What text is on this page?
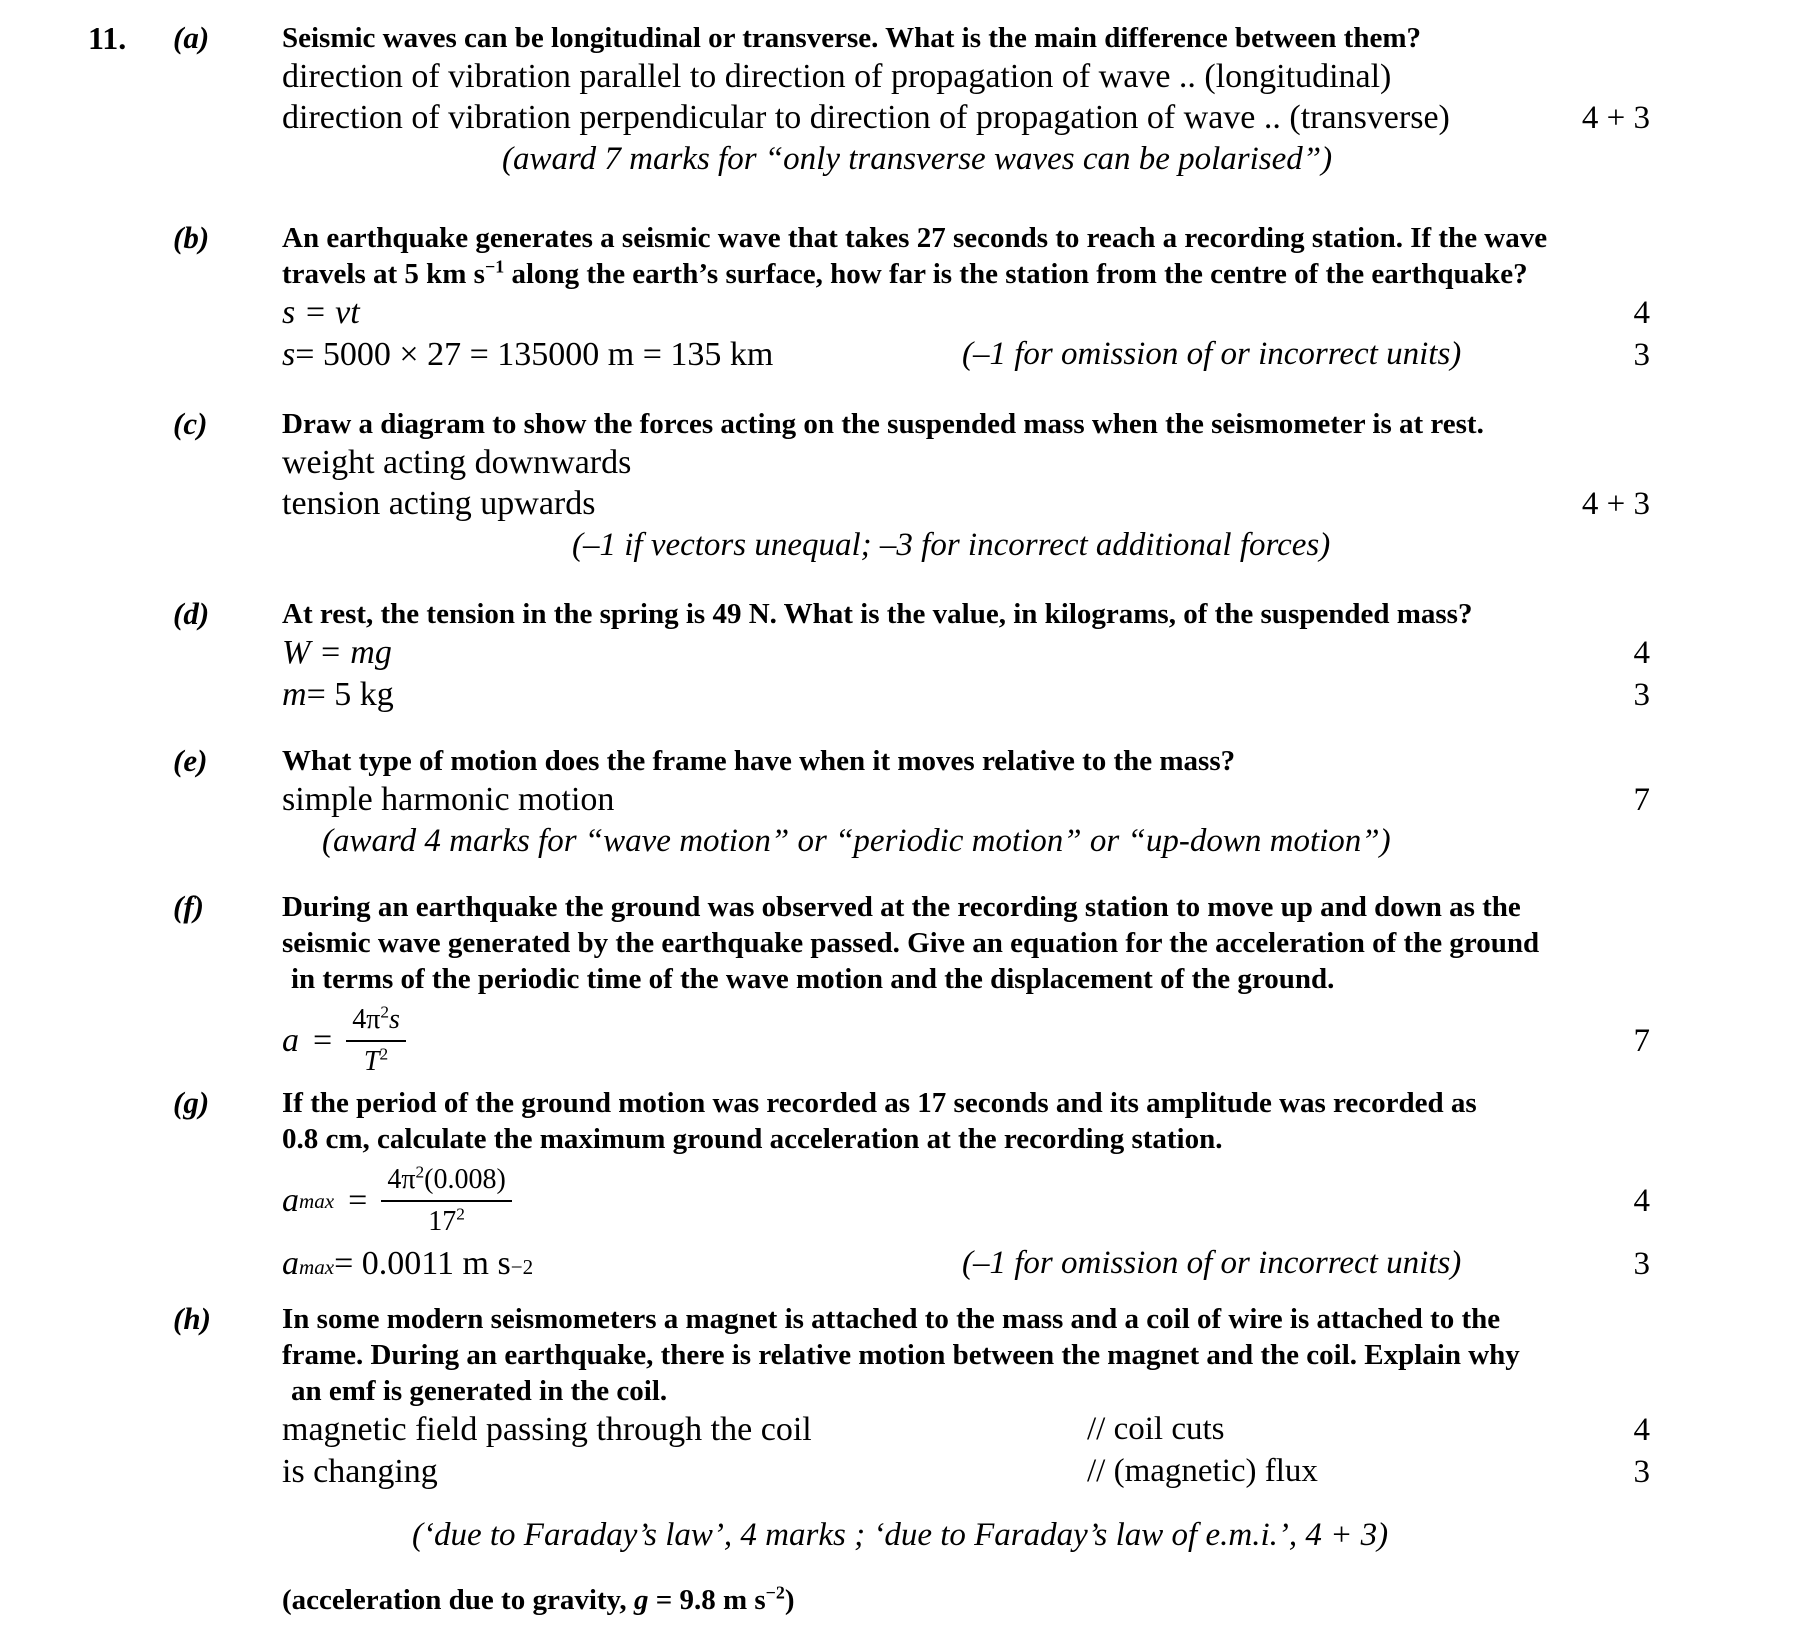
11. (a)	Seismic waves can be longitudinal or transverse. What is the main difference between them?
direction of vibration parallel to direction of propagation of wave .. (longitudinal)
direction of vibration perpendicular to direction of propagation of wave .. (transverse)	4 + 3
(award 7 marks for “only transverse waves can be polarised”)
(b)	An earthquake generates a seismic wave that takes 27 seconds to reach a recording station. If the wave
travels at 5 km $s^{-1}$ along the earth’s surface, how far is the station from the centre of the earthquake?
s = vt	4
s = 5000 × 27 = 135000 m = 135 km	(–1 for omission of or incorrect units)	3
(c)	Draw a diagram to show the forces acting on the suspended mass when the seismometer is at rest.
weight acting downwards
tension acting upwards	4 + 3
(–1 if vectors unequal; –3 for incorrect additional forces)
(d)	At rest, the tension in the spring is 49 N. What is the value, in kilograms, of the suspended mass?
W = mg	4
m = 5 kg	3
(e)	What type of motion does the frame have when it moves relative to the mass?
simple harmonic motion	7
(award 4 marks for “wave motion” or “periodic motion” or “up-down motion”)
(f)	During an earthquake the ground was observed at the recording station to move up and down as the
seismic wave generated by the earthquake passed. Give an equation for the acceleration of the ground
in terms of the periodic time of the wave motion and the displacement of the ground.
$a = \frac{4\pi^2s}{T^2}$	7
(g)	If the period of the ground motion was recorded as 17 seconds and its amplitude was recorded as
0.8 cm, calculate the maximum ground acceleration at the recording station.
a $\max = \frac{4\pi^2(0.008)}{17^2}$	4
a max = 0.0011 m s −2	(–1 for omission of or incorrect units)	3
(h) In some modern seismometers a magnet is attached to the mass and a coil of wire is attached to the
frame. During an earthquake, there is relative motion between the magnet and the coil. Explain why
an emf is generated in the coil.
magnetic field passing through the coil	// coil cuts	4
is changing	// (magnetic) flux	3
(‘due to Faraday’s law’, 4 marks ; ‘due to Faraday’s law of e.m.i.’, 4 + 3)
(acceleration due to gravity, g = 9.8 m $s^{-2}$)
